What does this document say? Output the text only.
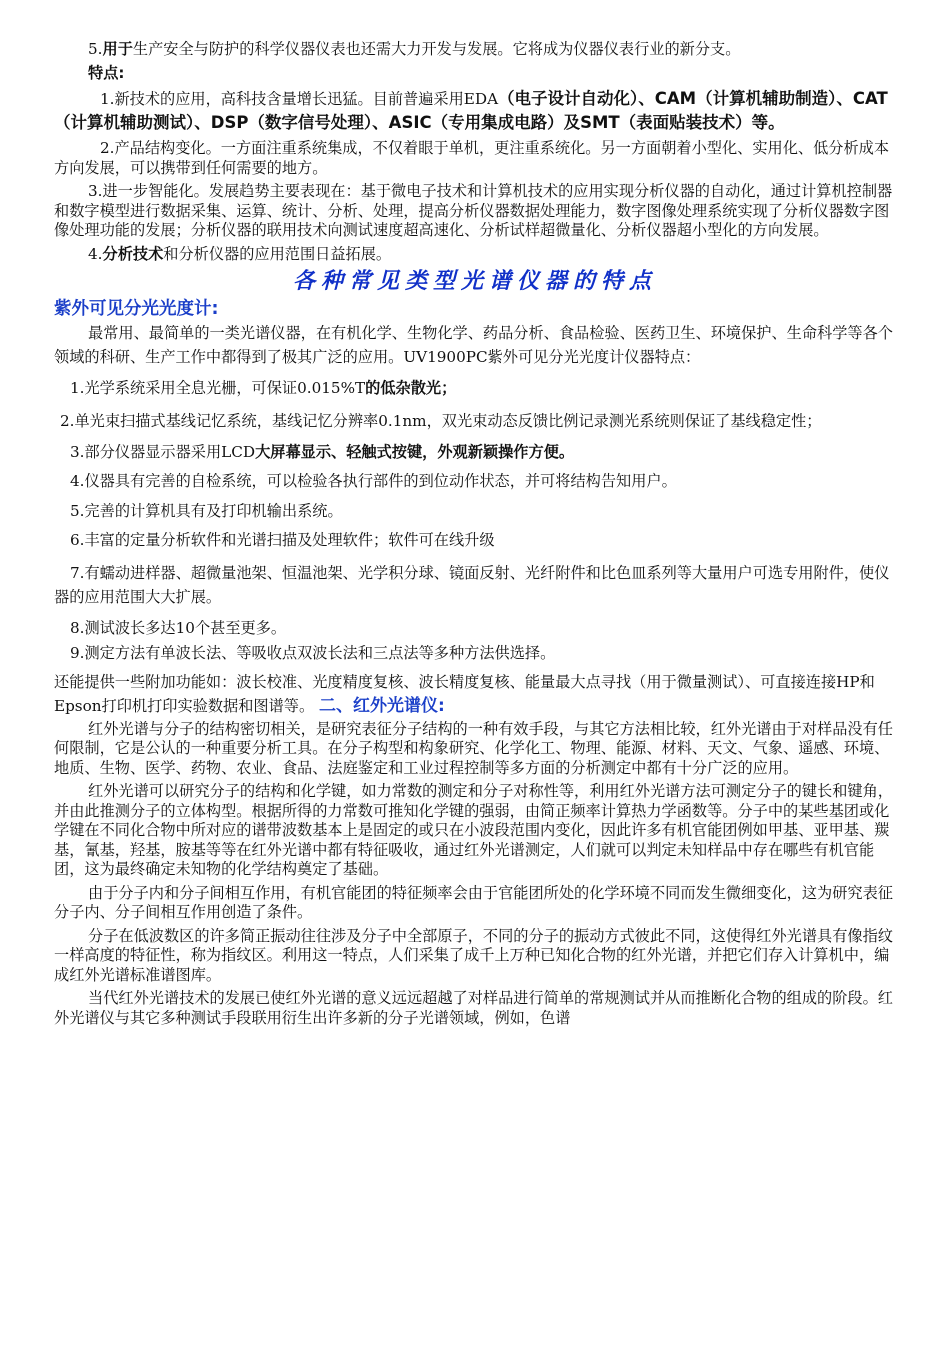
5.用于生产安全与防护的科学仪器仪表也还需大力开发与发展。它将成为仪器仪表行业的新分支。

特点:

1.新技术的应用，高科技含量增长迅猛。目前普遍采用EDA（电子设计自动化）、CAM（计算机辅助制造）、CAT（计算机辅助测试）、DSP（数字信号处理）、ASIC（专用集成电路）及SMT（表面贴装技术）等。

2.产品结构变化。一方面注重系统集成，不仅着眼于单机，更注重系统化。另一方面朝着小型化、实用化、低分析成本方向发展，可以携带到任何需要的地方。

3.进一步智能化。发展趋势主要表现在：基于微电子技术和计算机技术的应用实现分析仪器的自动化，通过计算机控制器和数字模型进行数据采集、运算、统计、分析、处理，提高分析仪器数据处理能力，数字图像处理系统实现了分析仪器数字图像处理功能的发展；分析仪器的联用技术向测试速度超高速化、分析试样超微量化、分析仪器超小型化的方向发展。

4.分析技术和分析仪器的应用范围日益拓展。

各种常见类型光谱仪器的特点
紫外可见分光光度计:

最常用、最简单的一类光谱仪器，在有机化学、生物化学、药品分析、食品检验、医药卫生、环境保护、生命科学等各个领域的科研、生产工作中都得到了极其广泛的应用。UV1900PC紫外可见分光光度计仪器特点：

1.光学系统采用全息光栅，可保证0.015%T的低杂散光；

2.单光束扫描式基线记忆系统，基线记忆分辨率0.1nm，双光束动态反馈比例记录测光系统则保证了基线稳定性；

3.部分仪器显示器采用LCD大屏幕显示、轻触式按键，外观新颖操作方便。

4.仪器具有完善的自检系统，可以检验各执行部件的到位动作状态，并可将结构告知用户。

5.完善的计算机具有及打印机输出系统。

6.丰富的定量分析软件和光谱扫描及处理软件；软件可在线升级

7.有蠕动进样器、超微量池架、恒温池架、光学积分球、镜面反射、光纤附件和比色皿系列等大量用户可选专用附件，使仪器的应用范围大大扩展。

8.测试波长多达10个甚至更多。

9.测定方法有单波长法、等吸收点双波长法和三点法等多种方法供选择。

还能提供一些附加功能如：波长校准、光度精度复核、波长精度复核、能量最大点寻找（用于微量测试）、可直接连接HP和Epson打印机打印实验数据和图谱等。 二、红外光谱仪:

红外光谱与分子的结构密切相关，是研究表征分子结构的一种有效手段，与其它方法相比较，红外光谱由于对样品没有任何限制，它是公认的一种重要分析工具。在分子构型和构象研究、化学化工、物理、能源、材料、天文、气象、遥感、环境、地质、生物、医学、药物、农业、食品、法庭鉴定和工业过程控制等多方面的分析测定中都有十分广泛的应用。

红外光谱可以研究分子的结构和化学键，如力常数的测定和分子对称性等，利用红外光谱方法可测定分子的键长和键角，并由此推测分子的立体构型。根据所得的力常数可推知化学键的强弱，由简正频率计算热力学函数等。分子中的某些基团或化学键在不同化合物中所对应的谱带波数基本上是固定的或只在小波段范围内变化，因此许多有机官能团例如甲基、亚甲基、羰基，氰基，羟基，胺基等等在红外光谱中都有特征吸收，通过红外光谱测定，人们就可以判定未知样品中存在哪些有机官能团，这为最终确定未知物的化学结构奠定了基础。

由于分子内和分子间相互作用，有机官能团的特征频率会由于官能团所处的化学环境不同而发生微细变化，这为研究表征分子内、分子间相互作用创造了条件。

分子在低波数区的许多简正振动往往涉及分子中全部原子，不同的分子的振动方式彼此不同，这使得红外光谱具有像指纹一样高度的特征性，称为指纹区。利用这一特点，人们采集了成千上万种已知化合物的红外光谱，并把它们存入计算机中，编成红外光谱标准谱图库。

当代红外光谱技术的发展已使红外光谱的意义远远超越了对样品进行简单的常规测试并从而推断化合物的组成的阶段。红外光谱仪与其它多种测试手段联用衍生出许多新的分子光谱领域，例如，色谱
